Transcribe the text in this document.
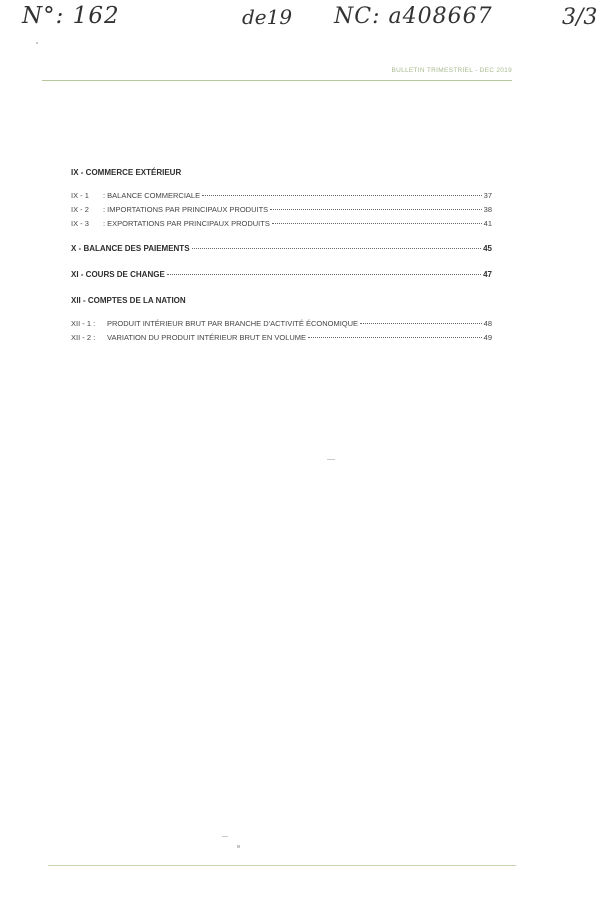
N°: 162	de19 NC: a408667	3/3
BULLETIN TRIMESTRIEL - DEC 2019
IX - COMMERCE EXTÉRIEUR
IX - 1 : BALANCE COMMERCIALE	37
IX - 2 : IMPORTATIONS PAR PRINCIPAUX PRODUITS	38
IX - 3 : EXPORTATIONS PAR PRINCIPAUX PRODUITS	41
X - BALANCE DES PAIEMENTS	45
XI - COURS DE CHANGE	47
XII - COMPTES DE LA NATION
XII - 1 : PRODUIT INTÉRIEUR BRUT PAR BRANCHE D'ACTIVITÉ ÉCONOMIQUE	48
XII - 2 : VARIATION DU PRODUIT INTÉRIEUR BRUT EN VOLUME	49
